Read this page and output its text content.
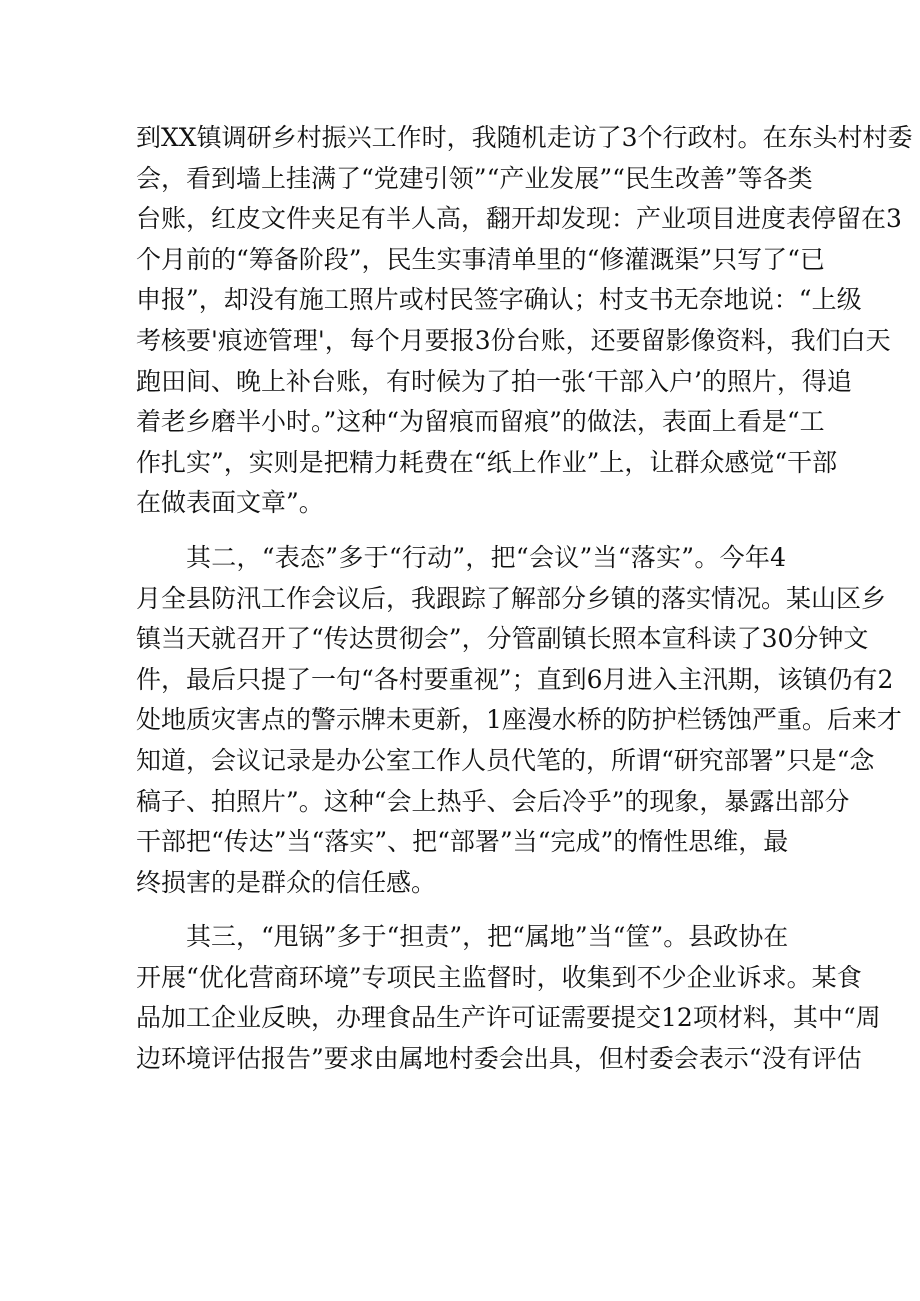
到XX镇调研乡村振兴工作时，我随机走访了3个行政村。在东头村村委
会，看到墙上挂满了“党建引领”“产业发展”“民生改善”等各类
台账，红皮文件夹足有半人高，翻开却发现：产业项目进度表停留在3
个月前的“筹备阶段”，民生实事清单里的“修灌溉渠”只写了“已
申报”，却没有施工照片或村民签字确认；村支书无奈地说：“上级
考核要'痕迹管理'，每个月要报3份台账，还要留影像资料，我们白天
跑田间、晚上补台账，有时候为了拍一张‘干部入户’的照片，得追
着老乡磨半小时。”这种“为留痕而留痕”的做法，表面上看是“工
作扎实”，实则是把精力耗费在“纸上作业”上，让群众感觉“干部
在做表面文章”。
其二，“表态”多于“行动”，把“会议”当“落实”。今年4
月全县防汛工作会议后，我跟踪了解部分乡镇的落实情况。某山区乡
镇当天就召开了“传达贯彻会”，分管副镇长照本宣科读了30分钟文
件，最后只提了一句“各村要重视”；直到6月进入主汛期，该镇仍有2
处地质灾害点的警示牌未更新，1座漫水桥的防护栏锈蚀严重。后来才
知道，会议记录是办公室工作人员代笔的，所谓“研究部署”只是“念
稿子、拍照片”。这种“会上热乎、会后冷乎”的现象，暴露出部分
干部把“传达”当“落实”、把“部署”当“完成”的惰性思维，最
终损害的是群众的信任感。
其三，“甩锅”多于“担责”，把“属地”当“筐”。县政协在
开展“优化营商环境”专项民主监督时，收集到不少企业诉求。某食
品加工企业反映，办理食品生产许可证需要提交12项材料，其中“周
边环境评估报告”要求由属地村委会出具，但村委会表示“没有评估
